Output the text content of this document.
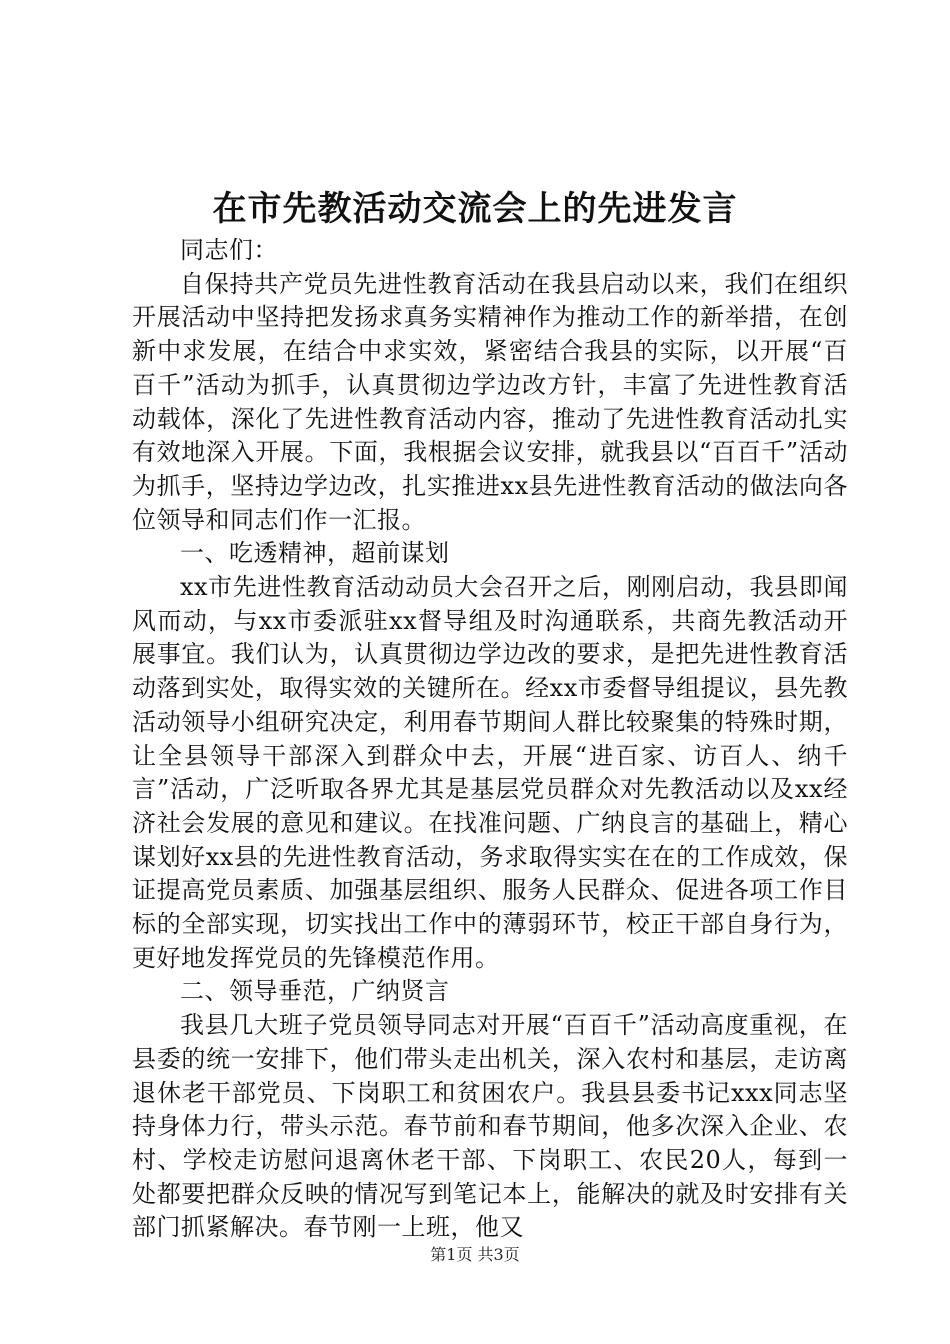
在市先教活动交流会上的先进发言

同志们：

自保持共产党员先进性教育活动在我县启动以来，我们在组织开展活动中坚持把发扬求真务实精神作为推动工作的新举措，在创新中求发展，在结合中求实效，紧密结合我县的实际，以开展“百百千”活动为抓手，认真贯彻边学边改方针，丰富了先进性教育活动载体，深化了先进性教育活动内容，推动了先进性教育活动扎实有效地深入开展。下面，我根据会议安排，就我县以“百百千”活动为抓手，坚持边学边改，扎实推进xx县先进性教育活动的做法向各位领导和同志们作一汇报。

一、吃透精神，超前谋划

xx市先进性教育活动动员大会召开之后，刚刚启动，我县即闻风而动，与xx市委派驻xx督导组及时沟通联系，共商先教活动开展事宜。我们认为，认真贯彻边学边改的要求，是把先进性教育活动落到实处，取得实效的关键所在。经xx市委督导组提议，县先教活动领导小组研究决定，利用春节期间人群比较聚集的特殊时期，让全县领导干部深入到群众中去，开展“进百家、访百人、纳千言”活动，广泛听取各界尤其是基层党员群众对先教活动以及xx经济社会发展的意见和建议。在找准问题、广纳良言的基础上，精心谋划好xx县的先进性教育活动，务求取得实实在在的工作成效，保证提高党员素质、加强基层组织、服务人民群众、促进各项工作目标的全部实现，切实找出工作中的薄弱环节，校正干部自身行为，更好地发挥党员的先锋模范作用。

二、领导垂范，广纳贤言

我县几大班子党员领导同志对开展“百百千”活动高度重视，在县委的统一安排下，他们带头走出机关，深入农村和基层，走访离退休老干部党员、下岗职工和贫困农户。我县县委书记xxx同志坚持身体力行，带头示范。春节前和春节期间，他多次深入企业、农村、学校走访慰问退离休老干部、下岗职工、农民20人，每到一处都要把群众反映的情况写到笔记本上，能解决的就及时安排有关部门抓紧解决。春节刚一上班，他又

第1页 共3页
